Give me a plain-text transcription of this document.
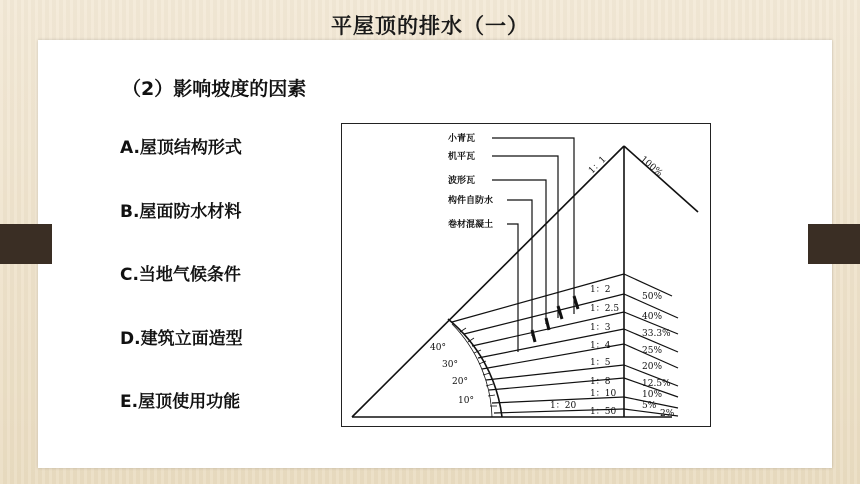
平屋顶的排水（一）
（2）影响坡度的因素
A.屋顶结构形式
B.屋面防水材料
C.当地气候条件
D.建筑立面造型
E.屋顶使用功能
小青瓦
机平瓦
波形瓦
构件自防水
卷材混凝土
40°
30°
20°
10°
1：1	100%
1：2
1：2.5
1：3
1：4
1：5
1：8
1：10
1：20
1：50
50%
40%
33.3%
25%
20%
12.5%
10%
5%
2%
